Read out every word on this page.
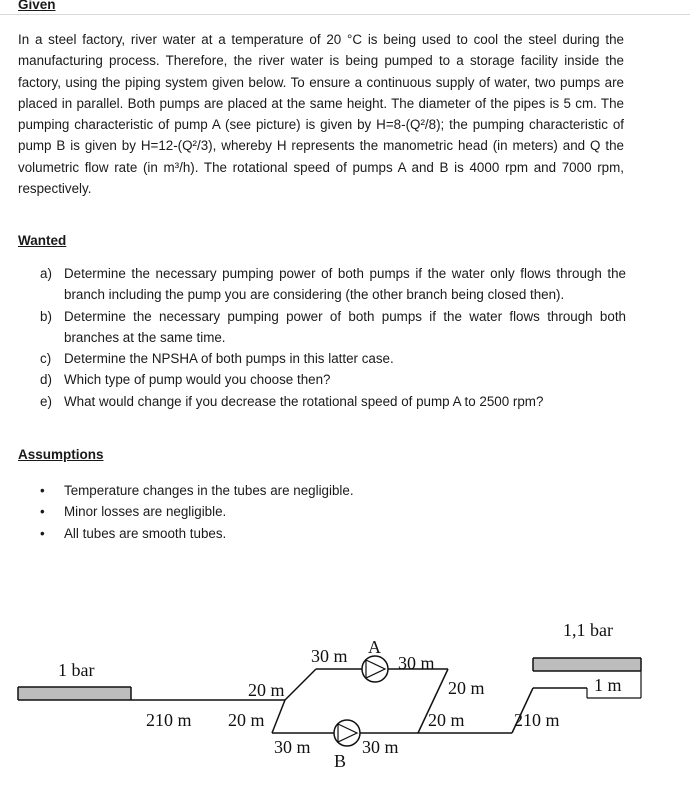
Given

In a steel factory, river water at a temperature of 20 °C is being used to cool the steel during the manufacturing process. Therefore, the river water is being pumped to a storage facility inside the factory, using the piping system given below. To ensure a continuous supply of water, two pumps are placed in parallel. Both pumps are placed at the same height. The diameter of the pipes is 5 cm. The pumping characteristic of pump A (see picture) is given by H=8-(Q²/8); the pumping characteristic of pump B is given by H=12-(Q²/3), whereby H represents the manometric head (in meters) and Q the volumetric flow rate (in m³/h). The rotational speed of pumps A and B is 4000 rpm and 7000 rpm, respectively.

Wanted
a) Determine the necessary pumping power of both pumps if the water only flows through the branch including the pump you are considering (the other branch being closed then).
b) Determine the necessary pumping power of both pumps if the water flows through both branches at the same time.
c) Determine the NPSHA of both pumps in this latter case.
d) Which type of pump would you choose then?
e) What would change if you decrease the rotational speed of pump A to 2500 rpm?
Assumptions
• Temperature changes in the tubes are negligible.
• Minor losses are negligible.
• All tubes are smooth tubes.
1 bar
210 m
A
30 m	30 m
20 m	20 m
B
20 m
30 m	30 m
20 m	210 m
1,1 bar
1 m
